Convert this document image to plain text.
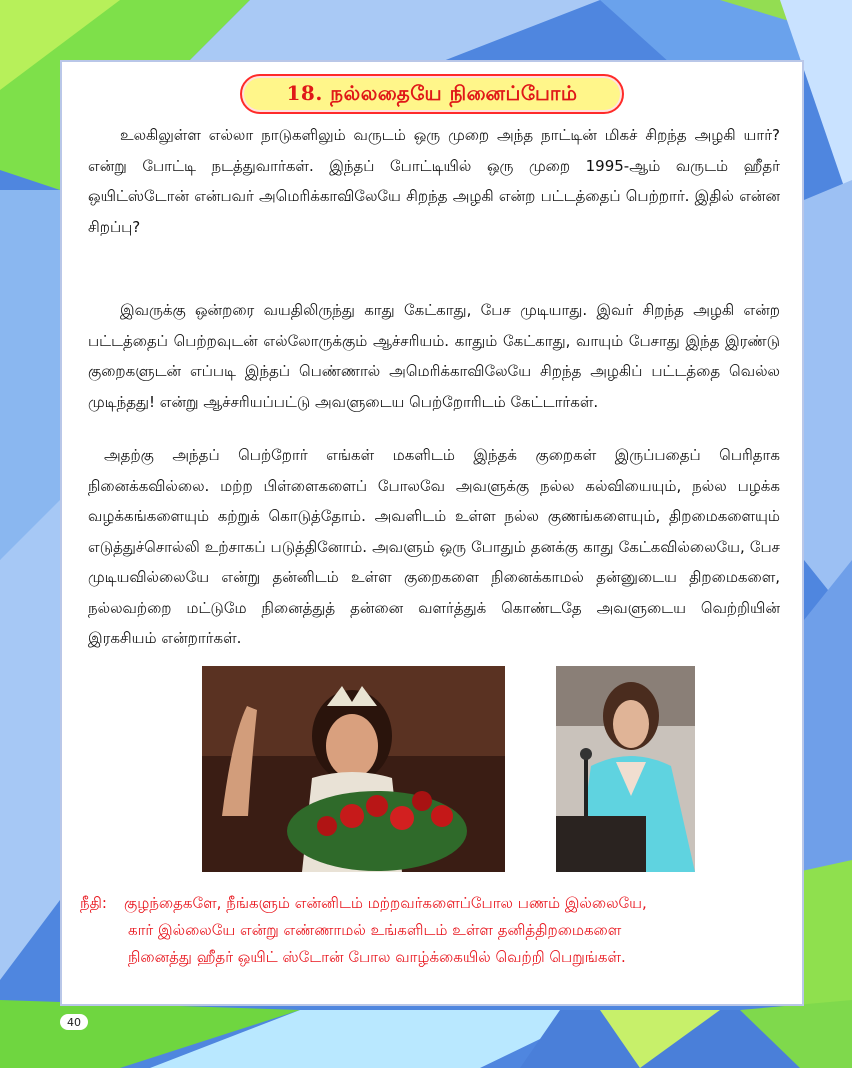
18. நல்லதையே நினைப்போம்

உலகிலுள்ள எல்லா நாடுகளிலும் வருடம் ஒரு முறை அந்த நாட்டின் மிகச் சிறந்த அழகி யார்? என்று போட்டி நடத்துவார்கள். இந்தப் போட்டியில் ஒரு முறை 1995-ஆம் வருடம் ஹீதர் ஒயிட்ஸ்டோன் என்பவர் அமெரிக்காவிலேயே சிறந்த அழகி என்ற பட்டத்தைப் பெற்றார். இதில் என்ன சிறப்பு?

இவருக்கு ஒன்றரை வயதிலிருந்து காது கேட்காது, பேச முடியாது. இவர் சிறந்த அழகி என்ற பட்டத்தைப் பெற்றவுடன் எல்லோருக்கும் ஆச்சரியம். காதும் கேட்காது, வாயும் பேசாது இந்த இரண்டு குறைகளுடன் எப்படி இந்தப் பெண்ணால் அமெரிக்காவிலேயே சிறந்த அழகிப் பட்டத்தை வெல்ல முடிந்தது! என்று ஆச்சரியப்பட்டு அவளுடைய பெற்றோரிடம் கேட்டார்கள்.

அதற்கு அந்தப் பெற்றோர் எங்கள் மகளிடம் இந்தக் குறைகள் இருப்பதைப் பெரிதாக நினைக்கவில்லை. மற்ற பிள்ளைகளைப் போலவே அவளுக்கு நல்ல கல்வியையும், நல்ல பழக்க வழக்கங்களையும் கற்றுக் கொடுத்தோம். அவளிடம் உள்ள நல்ல குணங்களையும், திறமைகளையும் எடுத்துச்சொல்லி உற்சாகப் படுத்தினோம். அவளும் ஒரு போதும் தனக்கு காது கேட்கவில்லையே, பேச முடியவில்லையே என்று தன்னிடம் உள்ள குறைகளை நினைக்காமல் தன்னுடைய திறமைகளை, நல்லவற்றை மட்டுமே நினைத்துத் தன்னை வளர்த்துக் கொண்டதே அவளுடைய வெற்றியின் இரகசியம் என்றார்கள்.

நீதி: குழந்தைகளே, நீங்களும் என்னிடம் மற்றவர்களைப்போல பணம் இல்லையே,
கார் இல்லையே என்று எண்ணாமல் உங்களிடம் உள்ள தனித்திறமைகளை
நினைத்து ஹீதர் ஒயிட் ஸ்டோன் போல வாழ்க்கையில் வெற்றி பெறுங்கள்.
40
